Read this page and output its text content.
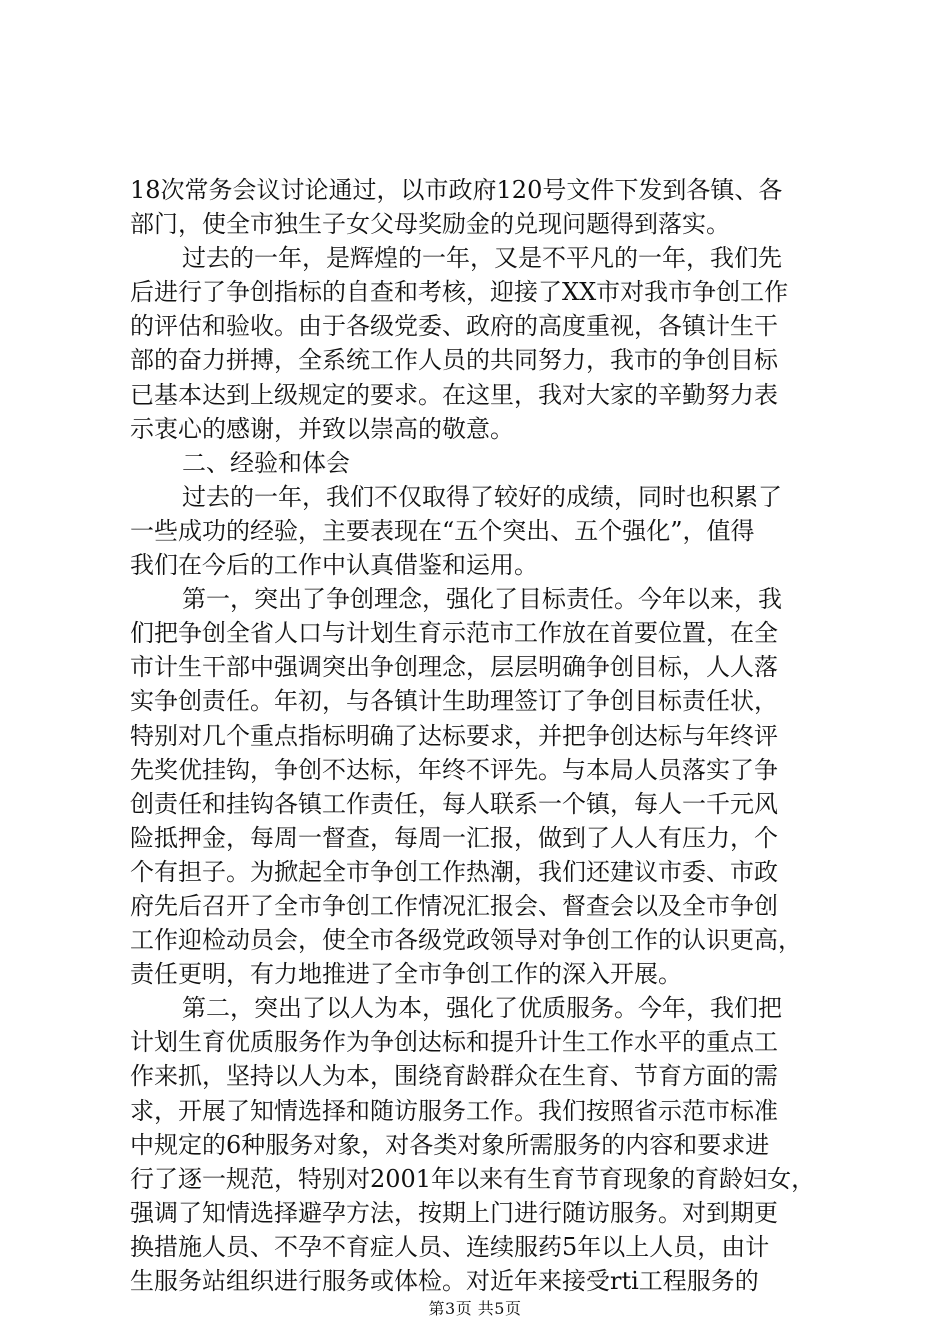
18次常务会议讨论通过，以市政府120号文件下发到各镇、各
部门，使全市独生子女父母奖励金的兑现问题得到落实。
过去的一年，是辉煌的一年，又是不平凡的一年，我们先
后进行了争创指标的自查和考核，迎接了XX市对我市争创工作
的评估和验收。由于各级党委、政府的高度重视，各镇计生干
部的奋力拼搏，全系统工作人员的共同努力，我市的争创目标
已基本达到上级规定的要求。在这里，我对大家的辛勤努力表
示衷心的感谢，并致以崇高的敬意。
二、经验和体会
过去的一年，我们不仅取得了较好的成绩，同时也积累了
一些成功的经验，主要表现在“五个突出、五个强化”，值得
我们在今后的工作中认真借鉴和运用。
第一，突出了争创理念，强化了目标责任。今年以来，我
们把争创全省人口与计划生育示范市工作放在首要位置，在全
市计生干部中强调突出争创理念，层层明确争创目标，人人落
实争创责任。年初，与各镇计生助理签订了争创目标责任状，
特别对几个重点指标明确了达标要求，并把争创达标与年终评
先奖优挂钩，争创不达标，年终不评先。与本局人员落实了争
创责任和挂钩各镇工作责任，每人联系一个镇，每人一千元风
险抵押金，每周一督查，每周一汇报，做到了人人有压力，个
个有担子。为掀起全市争创工作热潮，我们还建议市委、市政
府先后召开了全市争创工作情况汇报会、督查会以及全市争创
工作迎检动员会，使全市各级党政领导对争创工作的认识更高，
责任更明，有力地推进了全市争创工作的深入开展。
第二，突出了以人为本，强化了优质服务。今年，我们把
计划生育优质服务作为争创达标和提升计生工作水平的重点工
作来抓，坚持以人为本，围绕育龄群众在生育、节育方面的需
求，开展了知情选择和随访服务工作。我们按照省示范市标准
中规定的6种服务对象，对各类对象所需服务的内容和要求进
行了逐一规范，特别对2001年以来有生育节育现象的育龄妇女，
强调了知情选择避孕方法，按期上门进行随访服务。对到期更
换措施人员、不孕不育症人员、连续服药5年以上人员，由计
生服务站组织进行服务或体检。对近年来接受rti工程服务的
第3页 共5页
